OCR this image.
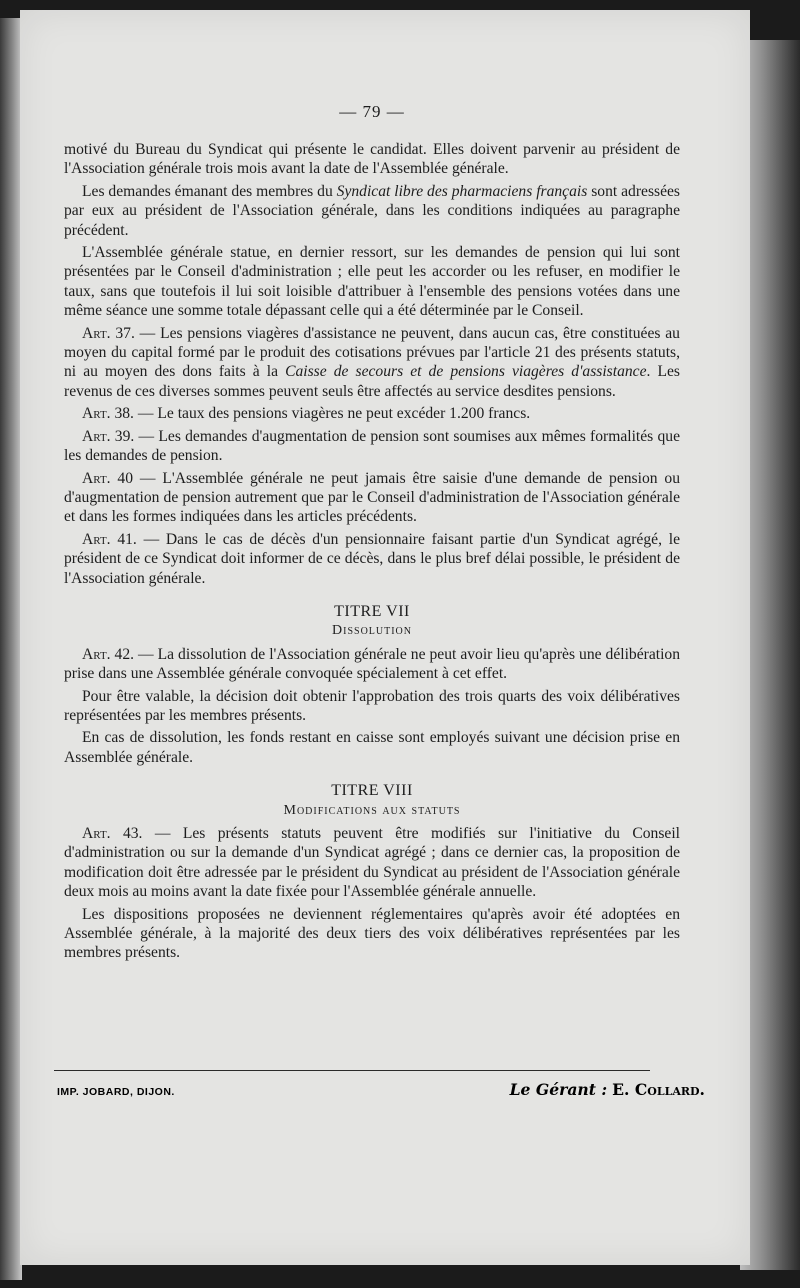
— 79 —

motivé du Bureau du Syndicat qui présente le candidat. Elles doivent parvenir au président de l'Association générale trois mois avant la date de l'Assemblée générale.

Les demandes émanant des membres du Syndicat libre des pharmaciens français sont adressées par eux au président de l'Association générale, dans les conditions indiquées au paragraphe précédent.

L'Assemblée générale statue, en dernier ressort, sur les demandes de pension qui lui sont présentées par le Conseil d'administration ; elle peut les accorder ou les refuser, en modifier le taux, sans que toutefois il lui soit loisible d'attribuer à l'ensemble des pensions votées dans une même séance une somme totale dépassant celle qui a été déterminée par le Conseil.

Art. 37. — Les pensions viagères d'assistance ne peuvent, dans aucun cas, être constituées au moyen du capital formé par le produit des cotisations prévues par l'article 21 des présents statuts, ni au moyen des dons faits à la Caisse de secours et de pensions viagères d'assistance. Les revenus de ces diverses sommes peuvent seuls être affectés au service desdites pensions.

Art. 38. — Le taux des pensions viagères ne peut excéder 1.200 francs.

Art. 39. — Les demandes d'augmentation de pension sont soumises aux mêmes formalités que les demandes de pension.

Art. 40 — L'Assemblée générale ne peut jamais être saisie d'une demande de pension ou d'augmentation de pension autrement que par le Conseil d'administration de l'Association générale et dans les formes indiquées dans les articles précédents.

Art. 41. — Dans le cas de décès d'un pensionnaire faisant partie d'un Syndicat agrégé, le président de ce Syndicat doit informer de ce décès, dans le plus bref délai possible, le président de l'Association générale.

TITRE VII
Dissolution

Art. 42. — La dissolution de l'Association générale ne peut avoir lieu qu'après une délibération prise dans une Assemblée générale convoquée spécialement à cet effet.

Pour être valable, la décision doit obtenir l'approbation des trois quarts des voix délibératives représentées par les membres présents.

En cas de dissolution, les fonds restant en caisse sont employés suivant une décision prise en Assemblée générale.

TITRE VIII
Modifications aux statuts

Art. 43. — Les présents statuts peuvent être modifiés sur l'initiative du Conseil d'administration ou sur la demande d'un Syndicat agrégé ; dans ce dernier cas, la proposition de modification doit être adressée par le président du Syndicat au président de l'Association générale deux mois au moins avant la date fixée pour l'Assemblée générale annuelle.

Les dispositions proposées ne deviennent réglementaires qu'après avoir été adoptées en Assemblée générale, à la majorité des deux tiers des voix délibératives représentées par les membres présents.

IMP. JOBARD, DIJON.	Le Gérant : E. Collard.
